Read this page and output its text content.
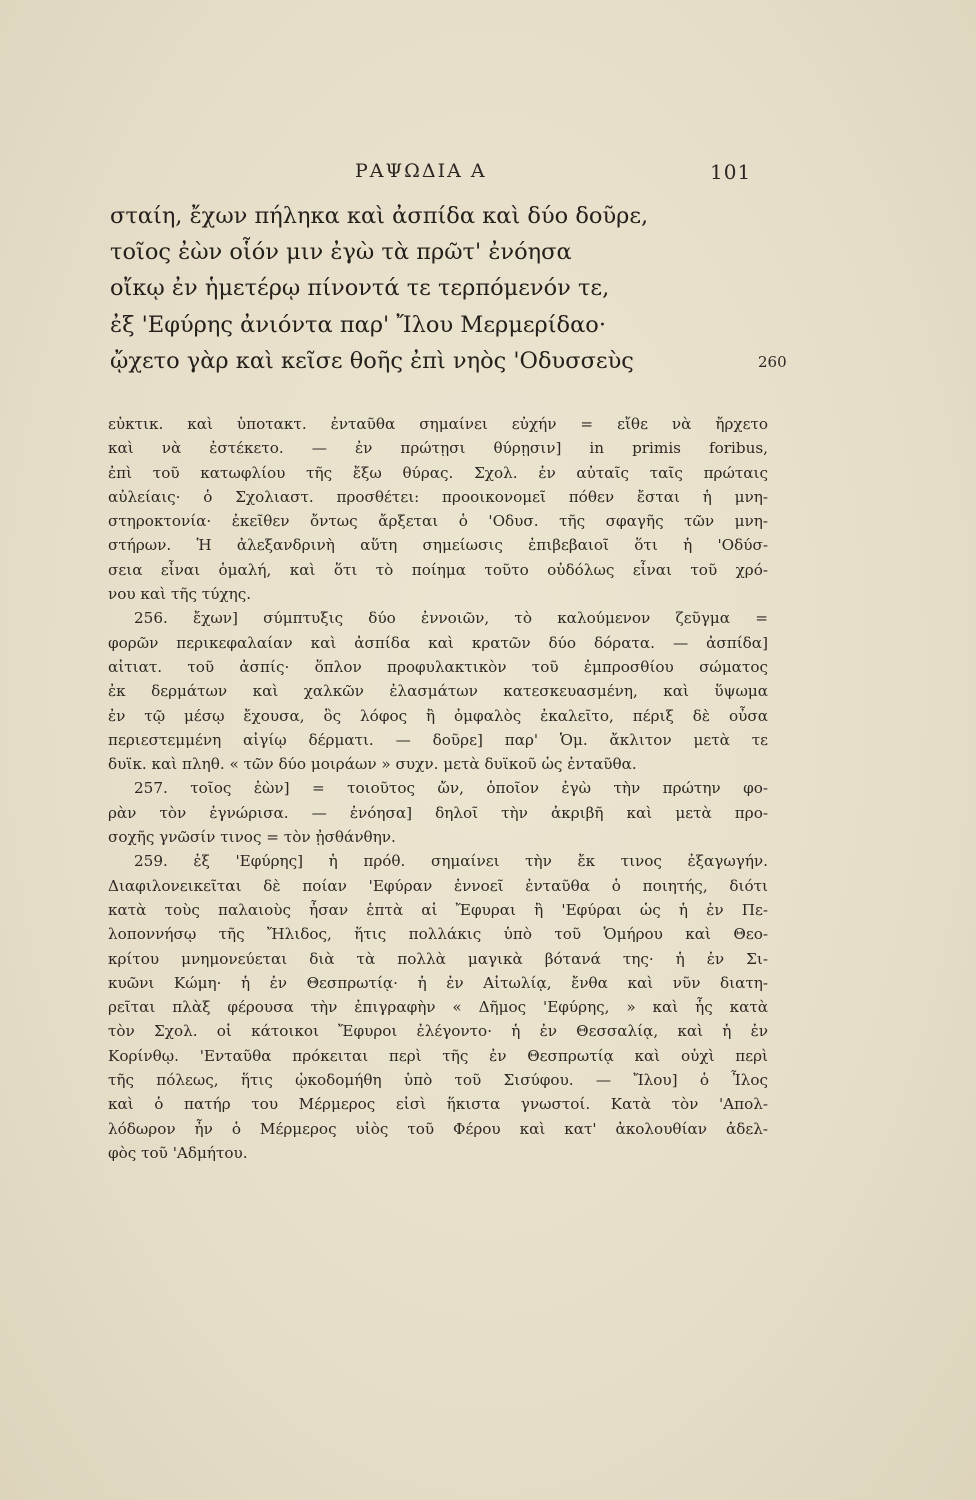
ΡΑΨΩΔΙΑ Α	101
σταίη, ἔχων πήληκα καὶ ἀσπίδα καὶ δύο δοῦρε,
τοῖος ἐὼν οἷόν μιν ἐγὼ τὰ πρῶτ' ἐνόησα
οἴκῳ ἐν ἡμετέρῳ πίνοντά τε τερπόμενόν τε,
ἐξ 'Εφύρης ἀνιόντα παρ' Ἴλου Μερμερίδαο·
ᾤχετο γὰρ καὶ κεῖσε θοῆς ἐπὶ νηὸς 'Οδυσσεὺς	260
εὐκτικ. καὶ ὑποτακτ. ἐνταῦθα σημαίνει εὐχήν = εἴθε νὰ ἤρχετο
καὶ νὰ ἐστέκετο. — ἐν πρώτῃσι θύρῃσιν] in primis foribus,
ἐπὶ τοῦ κατωφλίου τῆς ἔξω θύρας. Σχολ. ἐν αὐταῖς ταῖς πρώταις
αὐλείαις· ὁ Σχολιαστ. προσθέτει: προοικονομεῖ πόθεν ἔσται ἡ μνη-
στηροκτονία· ἐκεῖθεν ὄντως ἄρξεται ὁ 'Οδυσ. τῆς σφαγῆς τῶν μνη-
στήρων. Ἡ ἀλεξανδρινὴ αὕτη σημείωσις ἐπιβεβαιοῖ ὅτι ἡ 'Οδύσ-
σεια εἶναι ὁμαλή, καὶ ὅτι τὸ ποίημα τοῦτο οὐδόλως εἶναι τοῦ χρό-
νου καὶ τῆς τύχης.
256. ἔχων] σύμπτυξις δύο ἐννοιῶν, τὸ καλούμενον ζεῦγμα =
φορῶν περικεφαλαίαν καὶ ἀσπίδα καὶ κρατῶν δύο δόρατα. — ἀσπίδα]
αἰτιατ. τοῦ ἀσπίς· ὅπλον προφυλακτικὸν τοῦ ἐμπροσθίου σώματος
ἐκ δερμάτων καὶ χαλκῶν ἐλασμάτων κατεσκευασμένη, καὶ ὕψωμα
ἐν τῷ μέσῳ ἔχουσα, ὃς λόφος ἢ ὀμφαλὸς ἐκαλεῖτο, πέριξ δὲ οὖσα
περιεστεμμένη αἰγίῳ δέρματι. — δοῦρε] παρ' Ὁμ. ἄκλιτον μετὰ τε
δυϊκ. καὶ πληθ. « τῶν δύο μοιράων » συχν. μετὰ δυϊκοῦ ὡς ἐνταῦθα.
257. τοῖος ἐὼν] = τοιοῦτος ὤν, ὁποῖον ἐγὼ τὴν πρώτην φο-
ρὰν τὸν ἐγνώρισα. — ἐνόησα] δηλοῖ τὴν ἀκριβῆ καὶ μετὰ προ-
σοχῆς γνῶσίν τινος = τὸν ᾐσθάνθην.
259. ἐξ 'Εφύρης] ἡ πρόθ. σημαίνει τὴν ἔκ τινος ἐξαγωγήν.
Διαφιλονεικεῖται δὲ ποίαν 'Εφύραν ἐννοεῖ ἐνταῦθα ὁ ποιητής, διότι
κατὰ τοὺς παλαιοὺς ἦσαν ἑπτὰ αἱ Ἔφυραι ἢ 'Εφύραι ὡς ἡ ἐν Πε-
λοποννήσῳ τῆς Ἤλιδος, ἥτις πολλάκις ὑπὸ τοῦ Ὁμήρου καὶ Θεο-
κρίτου μνημονεύεται διὰ τὰ πολλὰ μαγικὰ βότανά της· ἡ ἐν Σι-
κυῶνι Κώμη· ἡ ἐν Θεσπρωτίᾳ· ἡ ἐν Αἰτωλίᾳ, ἔνθα καὶ νῦν διατη-
ρεῖται πλὰξ φέρουσα τὴν ἐπιγραφὴν « Δῆμος 'Εφύρης, » καὶ ἧς κατὰ
τὸν Σχολ. οἱ κάτοικοι Ἔφυροι ἐλέγοντο· ἡ ἐν Θεσσαλίᾳ, καὶ ἡ ἐν
Κορίνθῳ. 'Ενταῦθα πρόκειται περὶ τῆς ἐν Θεσπρωτίᾳ καὶ οὐχὶ περὶ
τῆς πόλεως, ἥτις ᾠκοδομήθη ὑπὸ τοῦ Σισύφου. — Ἴλου] ὁ Ἶλος
καὶ ὁ πατήρ του Μέρμερος εἰσὶ ἥκιστα γνωστοί. Κατὰ τὸν 'Απολ-
λόδωρον ἦν ὁ Μέρμερος υἱὸς τοῦ Φέρου καὶ κατ' ἀκολουθίαν ἀδελ-
φὸς τοῦ 'Αδμήτου.
